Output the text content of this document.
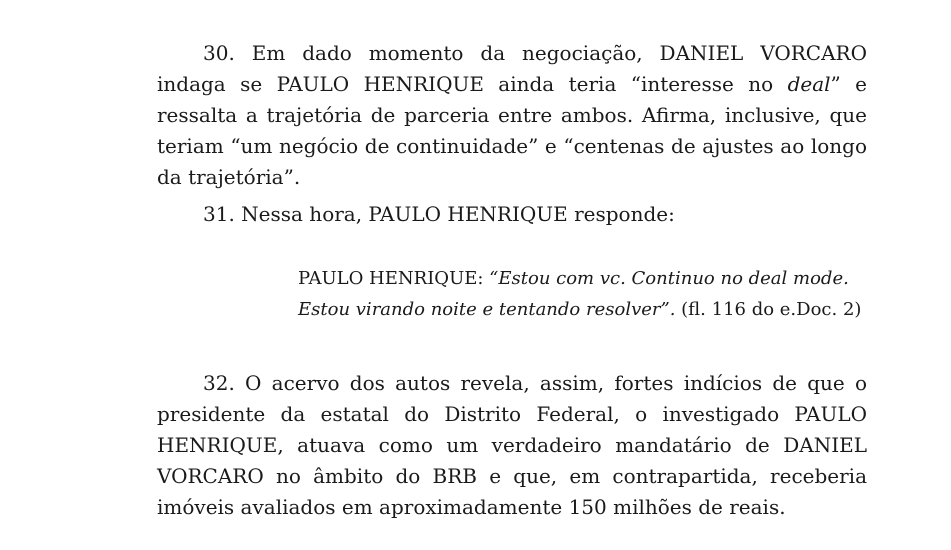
30. Em dado momento da negociação, DANIEL VORCARO indaga se PAULO HENRIQUE ainda teria “interesse no deal” e ressalta a trajetória de parceria entre ambos. Afirma, inclusive, que teriam “um negócio de continuidade” e “centenas de ajustes ao longo da trajetória”.

31. Nessa hora, PAULO HENRIQUE responde:

PAULO HENRIQUE: “Estou com vc. Continuo no deal mode.
Estou virando noite e tentando resolver”. (fl. 116 do e.Doc. 2)

32. O acervo dos autos revela, assim, fortes indícios de que o presidente da estatal do Distrito Federal, o investigado PAULO HENRIQUE, atuava como um verdadeiro mandatário de DANIEL VORCARO no âmbito do BRB e que, em contrapartida, receberia imóveis avaliados em aproximadamente 150 milhões de reais.
